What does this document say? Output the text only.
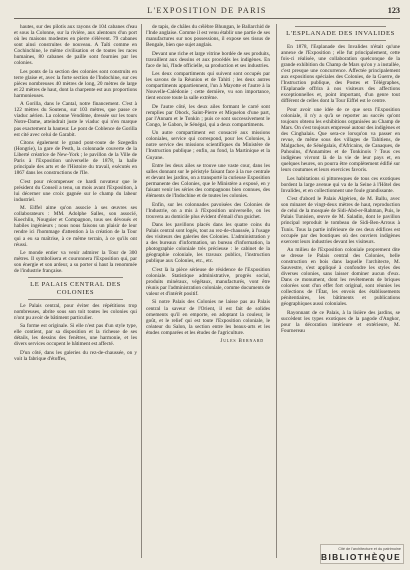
L'EXPOSITION DE PARIS	123

hautes, sur des pilotis aux rayons de 104 cabanes d'eau et sous la Colonne, sur la rivière, aux alentours d'un port où les maisons modestes en pierre s'élèvent. 79 cabanes sont ainsi construites de nouveau. A Taïti comme en Cochinchine, le même civilisation et de toutes les races humaines, 80 cabanes de paille sont fournies par les colonies.

Les ponts de la section des colonies sont construits en terre glaise et, avec la forte section de l'Indochine, sur ces pièces nombreuses 40 mètres de long, 20 mètres de large et 22 mètres de haut, dont la charpente est aux proportions harmonieuses.

A Gorilla, dans le Cantal, notre financement. C'est à 122 mètres du Soutenu, sur 103 mètres, que passe ce viaduc aérien. La colonne Vendôme, dressée sur les tours Notre-Dame, atteindrait juste le viaduc qui n'en marque pas exactement la hauteur. Le pont de Coblence de Gorilla est cité avec celui de Garabit.

Citons également le grand pont-route de Szegedin (Hongrie), la gare de Pesth, la colonnade couverte de la Liberté créatrice de New-York ; le pavillon de la Ville de Paris à l'Exposition universelle de 1878, la halle principale des arts et de l'Histoire du travail, exécutés en 1867 dans les constructions de l'Ile.

C'est pour récompenser ce hardi novateur que le président du Conseil a tenu, un mois avant l'Exposition, à lui décerner une croix gagnée sur le champ du labeur industriel.

M. Eiffel aime qu'on associe à ses œuvres ses collaborateurs : MM. Adolphe Salles, son associé, Koechlin, Nouguier et Compagnon, tous ses dévoués et habiles ingénieurs ; nous nous faisons un plaisir de leur rendre ici l'hommage d'attention à la création de la Tour qui a eu sa maîtrise, à ce même terrain, à ce qu'ils ont réussi.

Le monde entier va venir admirer la Tour de 300 mètres. Il symbolisera et couronnera l'Exposition qui, par son énergie et son ardeur, a su porter si haut la renommée de l'industrie française.

LE PALAIS CENTRAL DES COLONIES

Le Palais central, pour éviter des répétitions trop nombreuses, abrite sous son toit toutes les colonies qui n'ont pu avoir de bâtiment particulier.

Sa forme est originale. Si elle n'est pas d'un style type, elle contient, par sa disposition et la richesse de ses détails, les dessins des fenêtres, une harmonie, et les divers services occupent le bâtiment est affecté.

D'un côté, dans les galeries du rez-de-chaussée, on y voit la fabrique d'étoffes,

de tapis, de châles du célèbre Bhungan, le Ballarchid de l'Inde anglaise. Comme il est venu établir une partie de ses manufactures sur nos possessions, il expose ses tissus de Bengale, bien que sujet anglais.

Devant une riche et large vitrine bordée de ses produits, travaillent aux dessins et aux procédés les indigènes. En face de lui, l'Inde officielle, sa production et ses industries.

Les deux compartiments qui suivent sont occupés par les savons de la Réunion et de Tahiti ; les deux autres compartiments appartiennent, l'un à Mayotte et l'autre à la Nouvelle-Calédonie ; cette dernière, vu son importance, tient encore toute la salle extrême.

De l'autre côté, les deux ailes formant le carré sont remplies par Obock, Saint-Pierre et Miquelon d'une part, par l'Annam et le Tonkin ; puis ce sont successivement le Congo, le Gabon, le Sénégal, qui a deux compartiments.

Un autre compartiment est consacré aux missions coloniales, service qui correspond, pour les Colonies, à notre service des missions scientifiques du Ministère de l'Instruction publique ; enfin, au fond, la Martinique et la Guyane.

Entre les deux ailes se trouve une vaste cour, dans les salles donnant sur le péristyle faisant face à la rue centrale et devant les jardins, on a transporté la curieuse Exposition permanente des Colonies, que le Ministère a exposé, en y faisant venir les séries des compagnons bien connues, des éléments de l'Indochine et de toutes les colonies.

Enfin, sur les colonnades pavoisées des Colonies de l'Industrie, on a mis à l'Exposition universelle, on les trouvera au domicile plus évident d'émail d'un guichet.

Dans les pavillons placés dans les quatre coins du Palais central sont logés, tout au rez-de-chaussée, à l'usage des visiteurs des galeries des Colonies. L'administration y a des bureaux d'information, un bureau d'information, la photographie coloniale très précieuse : le cabinet de la géographie coloniale, les travaux publics, l'instruction publique aux Colonies, etc., etc.

C'est là la pièce sérieuse de résidence de l'Exposition coloniale. Statistique administrative, progrès social, produits minéraux, végétaux, manufacturés, vont être réunis par l'administration coloniale, comme documents de valeur et d'intérêt positif.

Si notre Palais des Colonies ne laisse pas au Palais central la saveur de l'Orient, il est fait de solides ornements qu'il en emporte, en adoptant la couleur, le goût, et le relief qui est toute l'Exposition coloniale, le créateur du Salon, la section entre les beaux-arts et les études comparées et les études de l'agriculture.

Jules Bernard
L'ESPLANADE DES INVALIDES

En 1878, l'Esplanade des Invalides n'était qu'une annexe de l'Exposition ; elle fut principalement, cette fois-ci réalisée, une collaboration quelconque de la grande exhibition du Champ de Mars qu'on y a installée, c'est presque une concurrence. Affectée principalement aux expositions spéciales des Colonies, de la Guerre, de l'Instruction publique, des Postes et Télégraphes, l'Esplanade offrira à nos visiteurs des affections exceptionnelles et, point important, d'un genre tout différent de celles dont la Tour Eiffel est le centre.

Pour avoir une idée de ce que sera l'Exposition coloniale, il n'y a qu'à se reporter au succès qu'ont toujours obtenu les exhibitions organisées au Champ de Mars. On s'est toujours empressé autour des indigènes et des Cinghalais. Que sera-ce lorsqu'on va passer en revue, de même sous des villages de Tahitiens, de Malgaches, de Sénégalais, d'Africains, de Canaques, de Pahouins, d'Annamites et de Tonkinois ? Tous ces indigènes vivront là de la vie de leur pays et, en quelques heures, on pourra être complètement édifié sur leurs coutumes et leurs exercices favoris.

Les habitations si pittoresques de tous ces exotiques bordent la large avenue qui va de la Seine à l'Hôtel des Invalides, et en collectionnent une foule grandissante.

C'est d'abord le Palais Algérien, de M. Ballu, avec son minaret de vingt-deux mètres de haut, reproduction de celui de la mosquée de Sidi-Abd-er-Rahman, Puis, le Palais Tunisien, œuvre de M. Saladin, dont le pavillon principal reproduit le tombeau de Sidi-Ben-Arrous à Tunis. Tous la partie inférieure de ces deux édifices est occupée par des boutiques où des ouvriers indigènes exercent leurs industries devant les visiteurs.

Au milieu de l'Exposition coloniale proprement dite se dresse le Palais central des Colonies, belle construction en bois dans laquelle l'architecte, M. Sauvestre, s'est appliqué à confondre les styles des diverses colonies, sans laisser dominer aucun d'eux. Dans ce monument, dont les revêtements de briques colorées sont d'un effet fort original, sont réunies les collections de l'État, les envois des établissements pénitentiaires, les bâtiments et publications géographiques aussi coloniales.

Rayonnant de ce Palais, à la lisière des jardins, se succèdent les types exotiques de la pagode d'Angkor, pour la décoration intérieure et extérieure, M. Fournereau

Cité de l'architecture et du patrimoine
BIBLIOTHÈQUE
